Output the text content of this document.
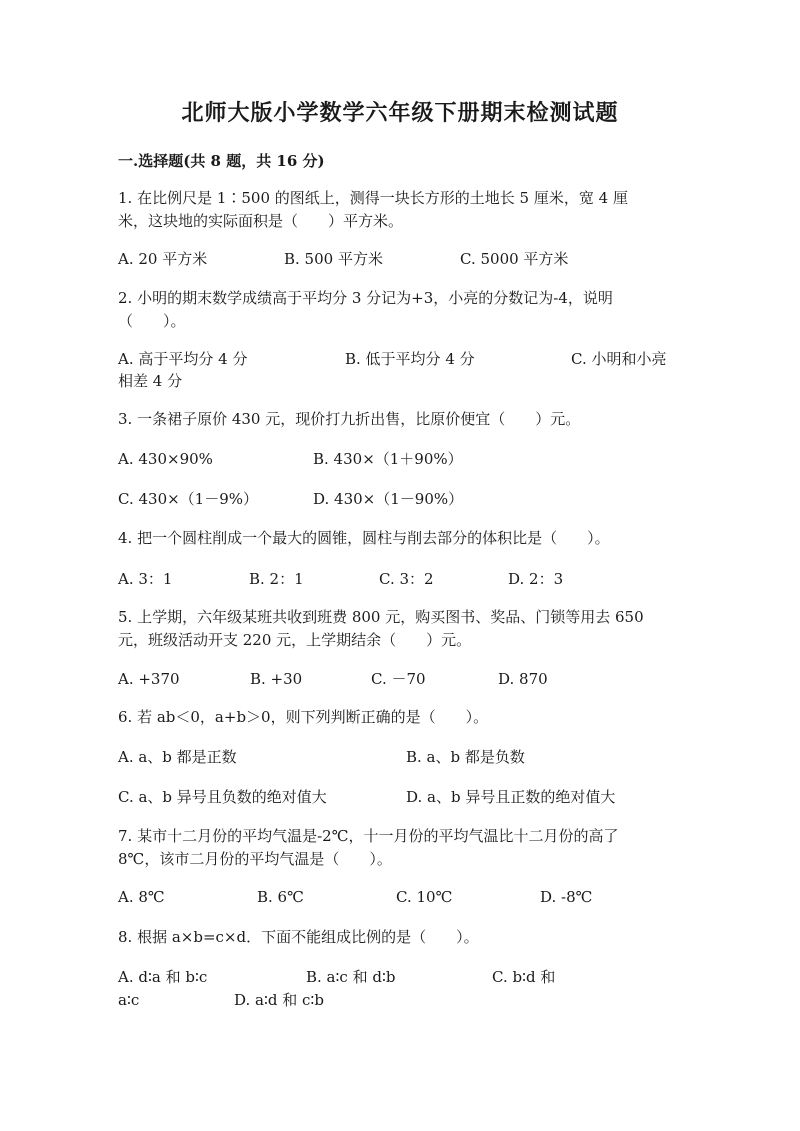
北师大版小学数学六年级下册期末检测试题
一.选择题(共 8 题，共 16 分)
1. 在比例尺是 1∶500 的图纸上，测得一块长方形的土地长 5 厘米，宽 4 厘
米，这块地的实际面积是（　　）平方米。
A. 20 平方米	B. 500 平方米	C. 5000 平方米
2. 小明的期末数学成绩高于平均分 3 分记为+3，小亮的分数记为-4，说明
（　　）。
A. 高于平均分 4 分	B. 低于平均分 4 分	C. 小明和小亮
相差 4 分
3. 一条裙子原价 430 元，现价打九折出售，比原价便宜（　　）元。
A. 430×90%	B. 430×（1＋90%）
C. 430×（1－9%）	D. 430×（1－90%）
4. 把一个圆柱削成一个最大的圆锥，圆柱与削去部分的体积比是（　　）。
A. 3：1	B. 2：1	C. 3：2	D. 2：3
5. 上学期，六年级某班共收到班费 800 元，购买图书、奖品、门锁等用去 650
元，班级活动开支 220 元，上学期结余（　　）元。
A. +370	B. +30	C. －70	D. 870
6. 若 ab＜0，a+b＞0，则下列判断正确的是（　　）。
A. a、b 都是正数	B. a、b 都是负数
C. a、b 异号且负数的绝对值大	D. a、b 异号且正数的绝对值大
7. 某市十二月份的平均气温是-2℃，十一月份的平均气温比十二月份的高了
8℃，该市二月份的平均气温是（　　）。
A. 8℃	B. 6℃	C. 10℃	D. -8℃
8. 根据 a×b=c×d．下面不能组成比例的是（　　）。
A. d∶a 和 b∶c	B. a∶c 和 d∶b	C. b∶d 和
a∶c	D. a∶d 和 c∶b
